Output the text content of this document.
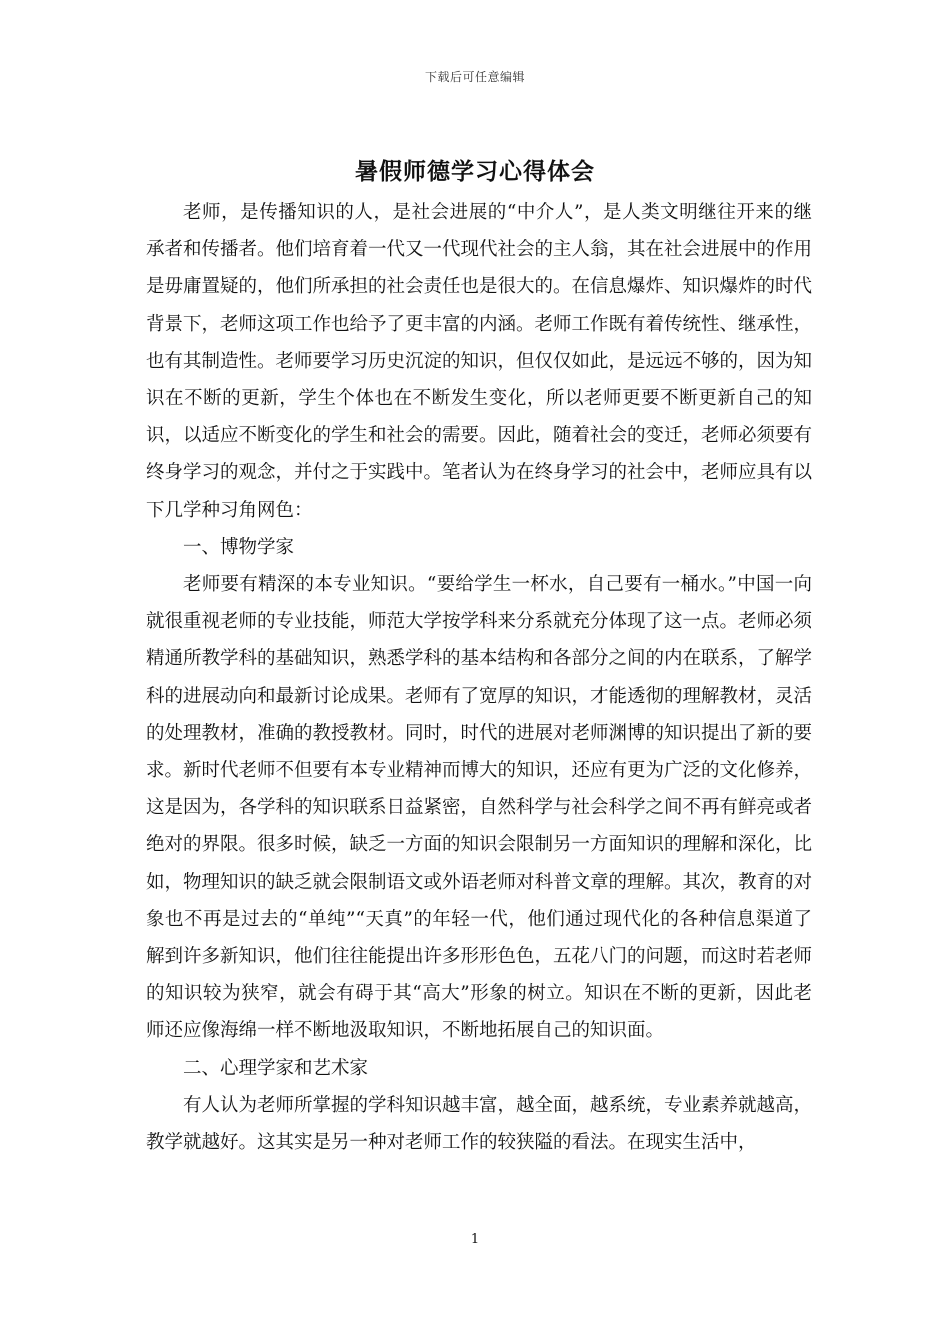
下载后可任意编辑
暑假师德学习心得体会

老师，是传播知识的人，是社会进展的“中介人”，是人类文明继往开来的继承者和传播者。他们培育着一代又一代现代社会的主人翁，其在社会进展中的作用是毋庸置疑的，他们所承担的社会责任也是很大的。在信息爆炸、知识爆炸的时代背景下，老师这项工作也给予了更丰富的内涵。老师工作既有着传统性、继承性，也有其制造性。老师要学习历史沉淀的知识，但仅仅如此，是远远不够的，因为知识在不断的更新，学生个体也在不断发生变化，所以老师更要不断更新自己的知识，以适应不断变化的学生和社会的需要。因此，随着社会的变迁，老师必须要有终身学习的观念，并付之于实践中。笔者认为在终身学习的社会中，老师应具有以下几学种习角网色：

一、博物学家

老师要有精深的本专业知识。“要给学生一杯水，自己要有一桶水。”中国一向就很重视老师的专业技能，师范大学按学科来分系就充分体现了这一点。老师必须精通所教学科的基础知识，熟悉学科的基本结构和各部分之间的内在联系，了解学科的进展动向和最新讨论成果。老师有了宽厚的知识，才能透彻的理解教材，灵活的处理教材，准确的教授教材。同时，时代的进展对老师渊博的知识提出了新的要求。新时代老师不但要有本专业精神而博大的知识，还应有更为广泛的文化修养，这是因为，各学科的知识联系日益紧密，自然科学与社会科学之间不再有鲜亮或者绝对的界限。很多时候，缺乏一方面的知识会限制另一方面知识的理解和深化，比如，物理知识的缺乏就会限制语文或外语老师对科普文章的理解。其次，教育的对象也不再是过去的“单纯”“天真”的年轻一代，他们通过现代化的各种信息渠道了解到许多新知识，他们往往能提出许多形形色色，五花八门的问题，而这时若老师的知识较为狭窄，就会有碍于其“高大”形象的树立。知识在不断的更新，因此老师还应像海绵一样不断地汲取知识，不断地拓展自己的知识面。

二、心理学家和艺术家

有人认为老师所掌握的学科知识越丰富，越全面，越系统，专业素养就越高，教学就越好。这其实是另一种对老师工作的较狭隘的看法。在现实生活中，

1
